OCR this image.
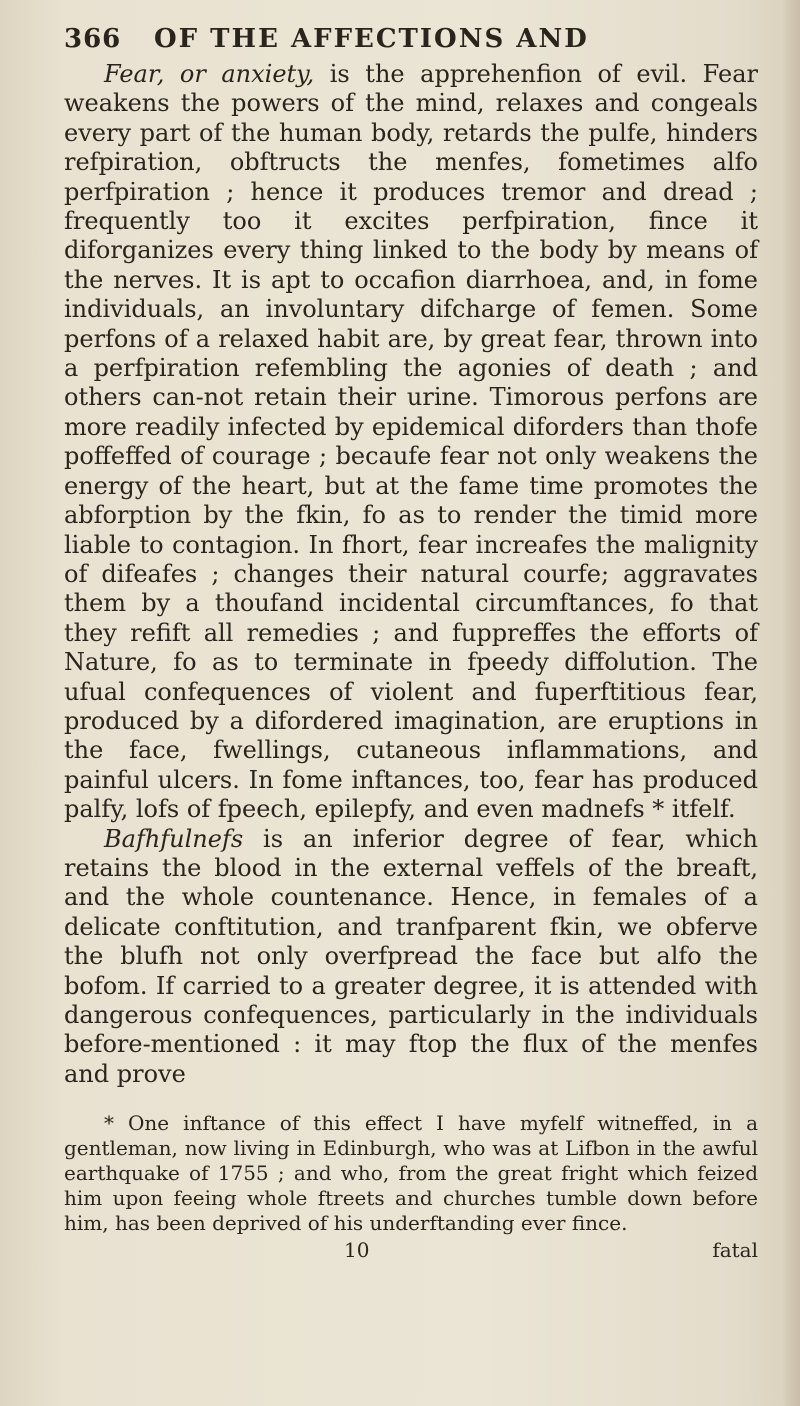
366	OF THE AFFECTIONS AND

Fear, or anxiety, is the apprehenfion of evil. Fear weakens the powers of the mind, relaxes and congeals every part of the human body, retards the pulfe, hinders refpiration, obftructs the menfes, fometimes alfo perfpiration ; hence it produces tremor and dread ; frequently too it excites perfpiration, fince it diforganizes every thing linked to the body by means of the nerves. It is apt to occafion diarrhoea, and, in fome individuals, an involuntary difcharge of femen. Some perfons of a relaxed habit are, by great fear, thrown into a perfpiration refembling the agonies of death ; and others can-not retain their urine. Timorous perfons are more readily infected by epidemical diforders than thofe poffeffed of courage ; becaufe fear not only weakens the energy of the heart, but at the fame time promotes the abforption by the fkin, fo as to render the timid more liable to contagion. In fhort, fear increafes the malignity of difeafes ; changes their natural courfe; aggravates them by a thoufand incidental circumftances, fo that they refift all remedies ; and fuppreffes the efforts of Nature, fo as to terminate in fpeedy diffolution. The ufual confequences of violent and fuperftitious fear, produced by a difordered imagination, are eruptions in the face, fwellings, cutaneous inflammations, and painful ulcers. In fome inftances, too, fear has produced palfy, lofs of fpeech, epilepfy, and even madnefs * itfelf.

Bafhfulnefs is an inferior degree of fear, which retains the blood in the external veffels of the breaft, and the whole countenance. Hence, in females of a delicate conftitution, and tranfparent fkin, we obferve the blufh not only overfpread the face but alfo the bofom. If carried to a greater degree, it is attended with dangerous confequences, particularly in the individuals before-mentioned : it may ftop the flux of the menfes and prove

* One inftance of this effect I have myfelf witneffed, in a gentleman, now living in Edinburgh, who was at Lifbon in the awful earthquake of 1755 ; and who, from the great fright which feized him upon feeing whole ftreets and churches tumble down before him, has been deprived of his underftanding ever fince.

10	fatal
